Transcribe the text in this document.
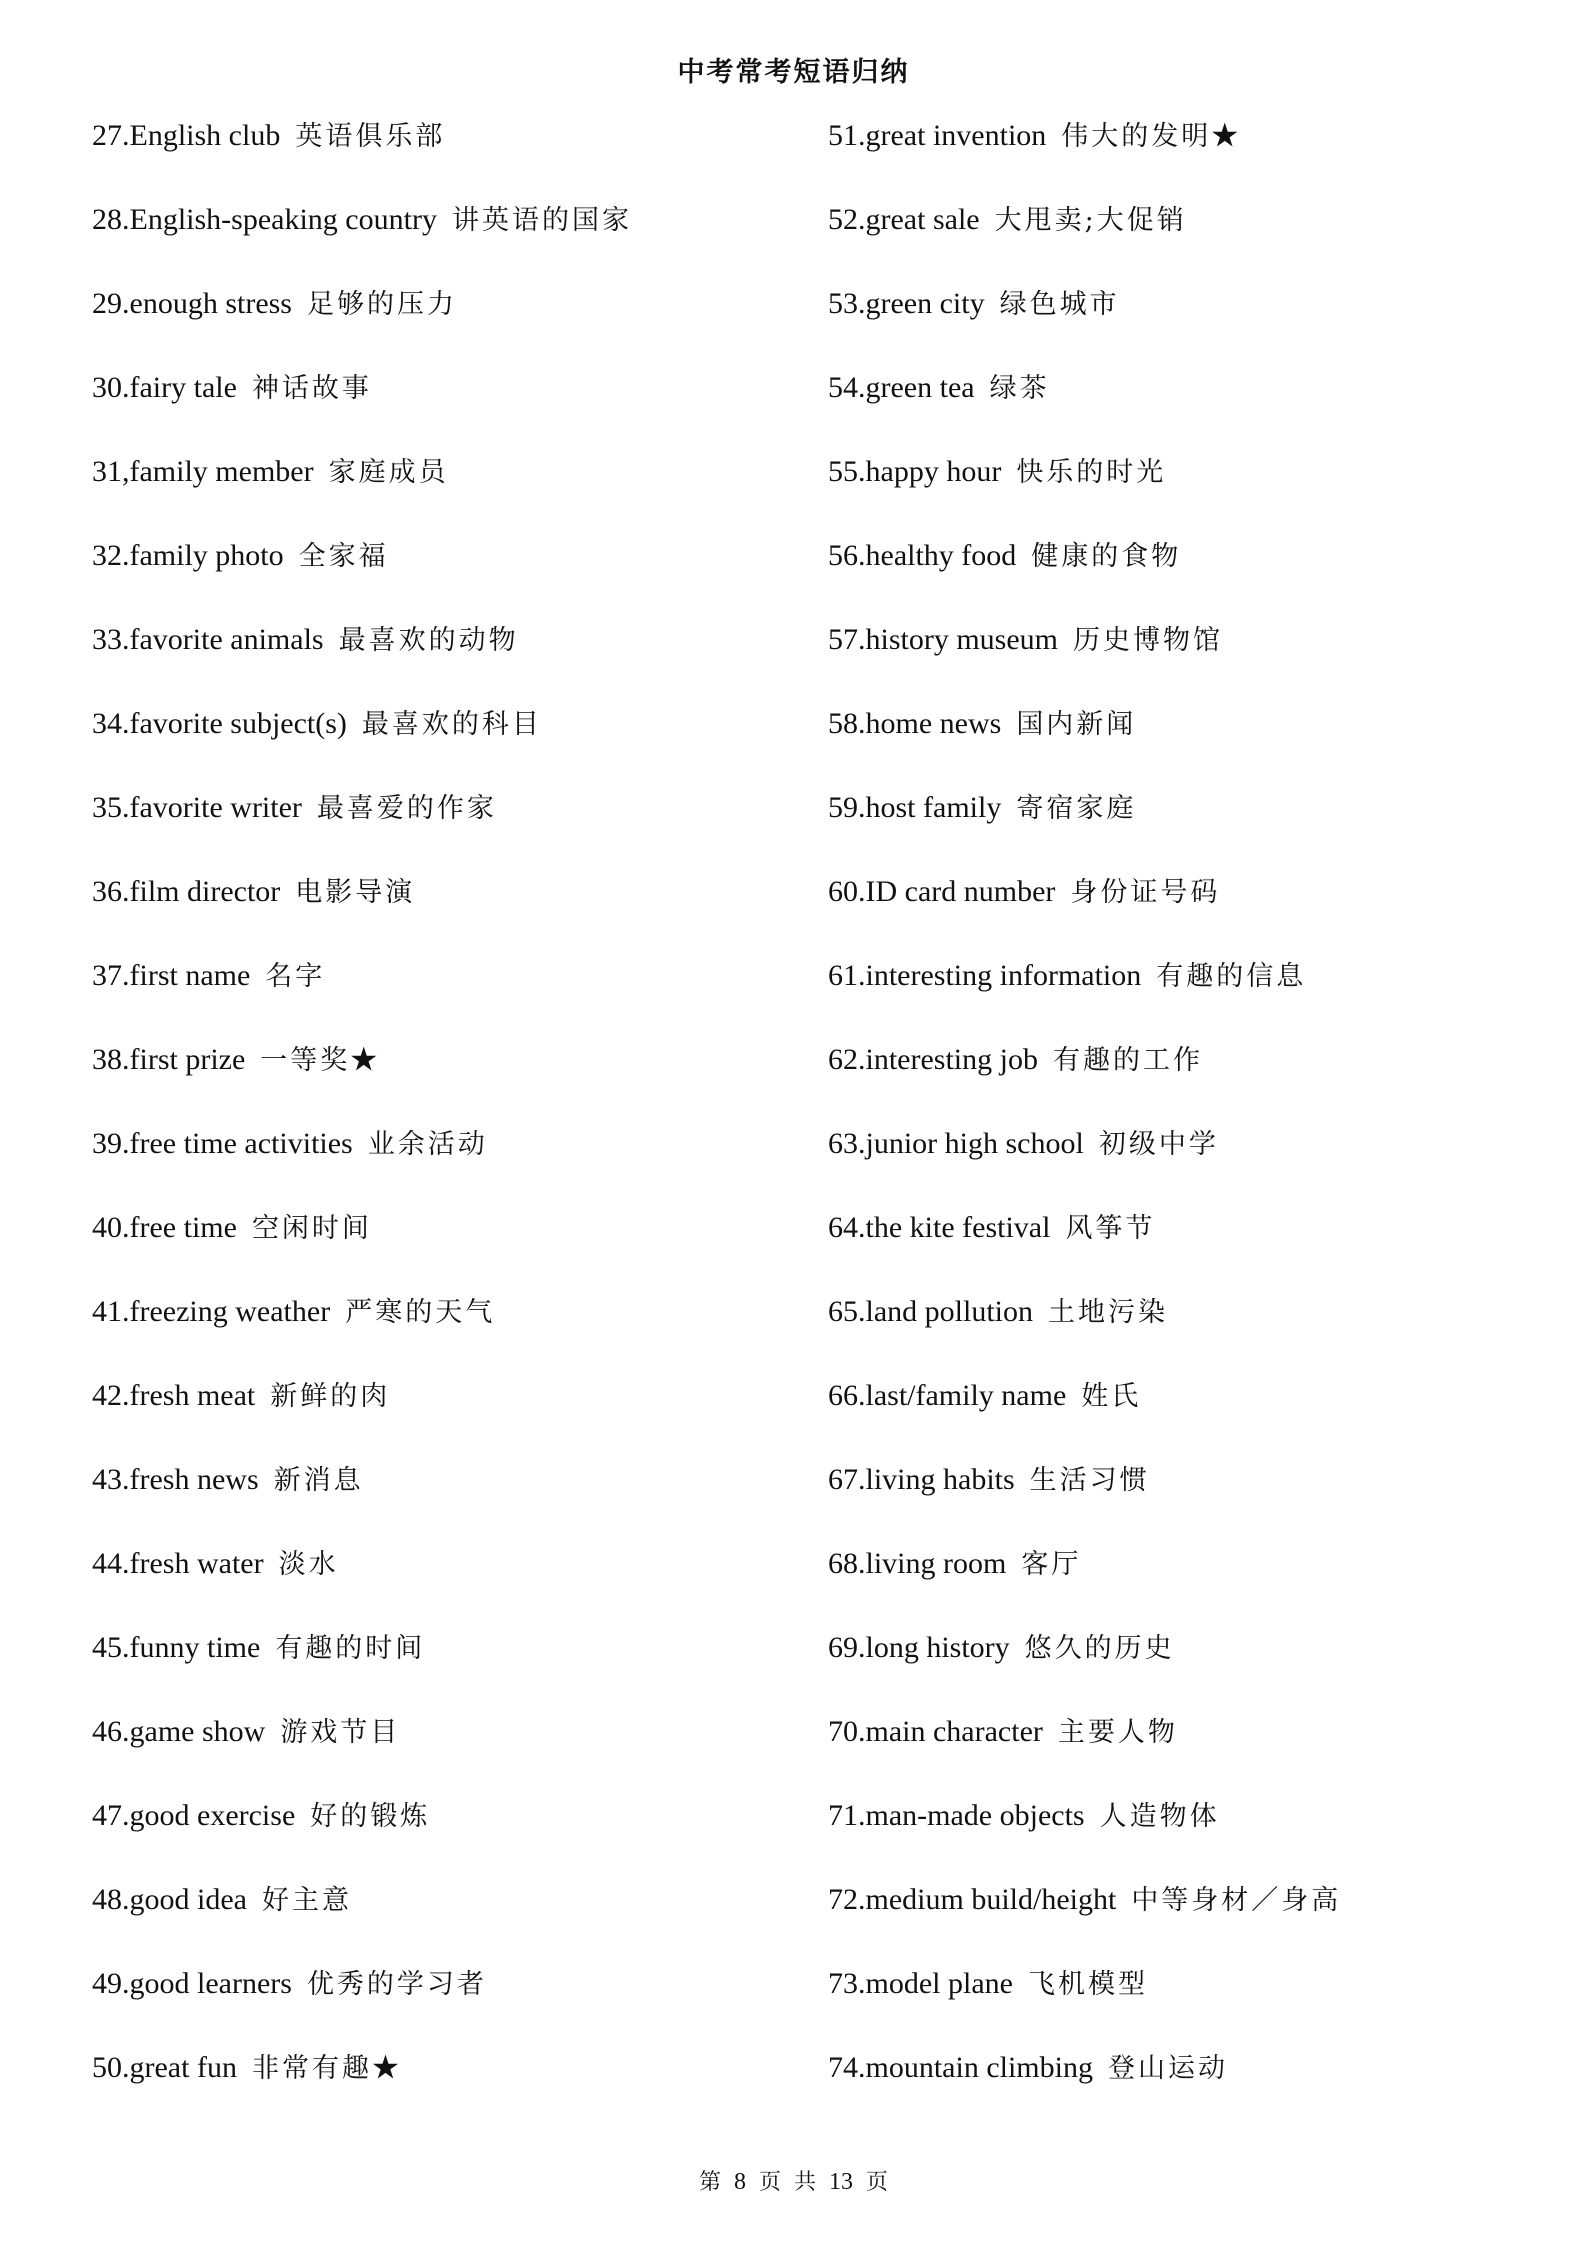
中考常考短语归纳
27.English club  英语俱乐部
28.English-speaking country  讲英语的国家
29.enough stress  足够的压力
30.fairy tale  神话故事
31,family member  家庭成员
32.family photo  全家福
33.favorite animals  最喜欢的动物
34.favorite subject(s)  最喜欢的科目
35.favorite writer  最喜爱的作家
36.film director  电影导演
37.first name  名字
38.first prize  一等奖★
39.free time activities  业余活动
40.free time  空闲时间
41.freezing weather  严寒的天气
42.fresh meat  新鲜的肉
43.fresh news  新消息
44.fresh water  淡水
45.funny time  有趣的时间
46.game show  游戏节目
47.good exercise  好的锻炼
48.good idea  好主意
49.good learners  优秀的学习者
50.great fun  非常有趣★
51.great invention  伟大的发明★
52.great sale  大甩卖;大促销
53.green city  绿色城市
54.green tea  绿茶
55.happy hour  快乐的时光
56.healthy food  健康的食物
57.history museum  历史博物馆
58.home news  国内新闻
59.host family  寄宿家庭
60.ID card number  身份证号码
61.interesting information  有趣的信息
62.interesting job  有趣的工作
63.junior high school  初级中学
64.the kite festival  风筝节
65.land pollution  土地污染
66.last/family name  姓氏
67.living habits  生活习惯
68.living room  客厅
69.long history  悠久的历史
70.main character  主要人物
71.man-made objects  人造物体
72.medium build/height  中等身材／身高
73.model plane  飞机模型
74.mountain climbing  登山运动
第 8 页 共 13 页
